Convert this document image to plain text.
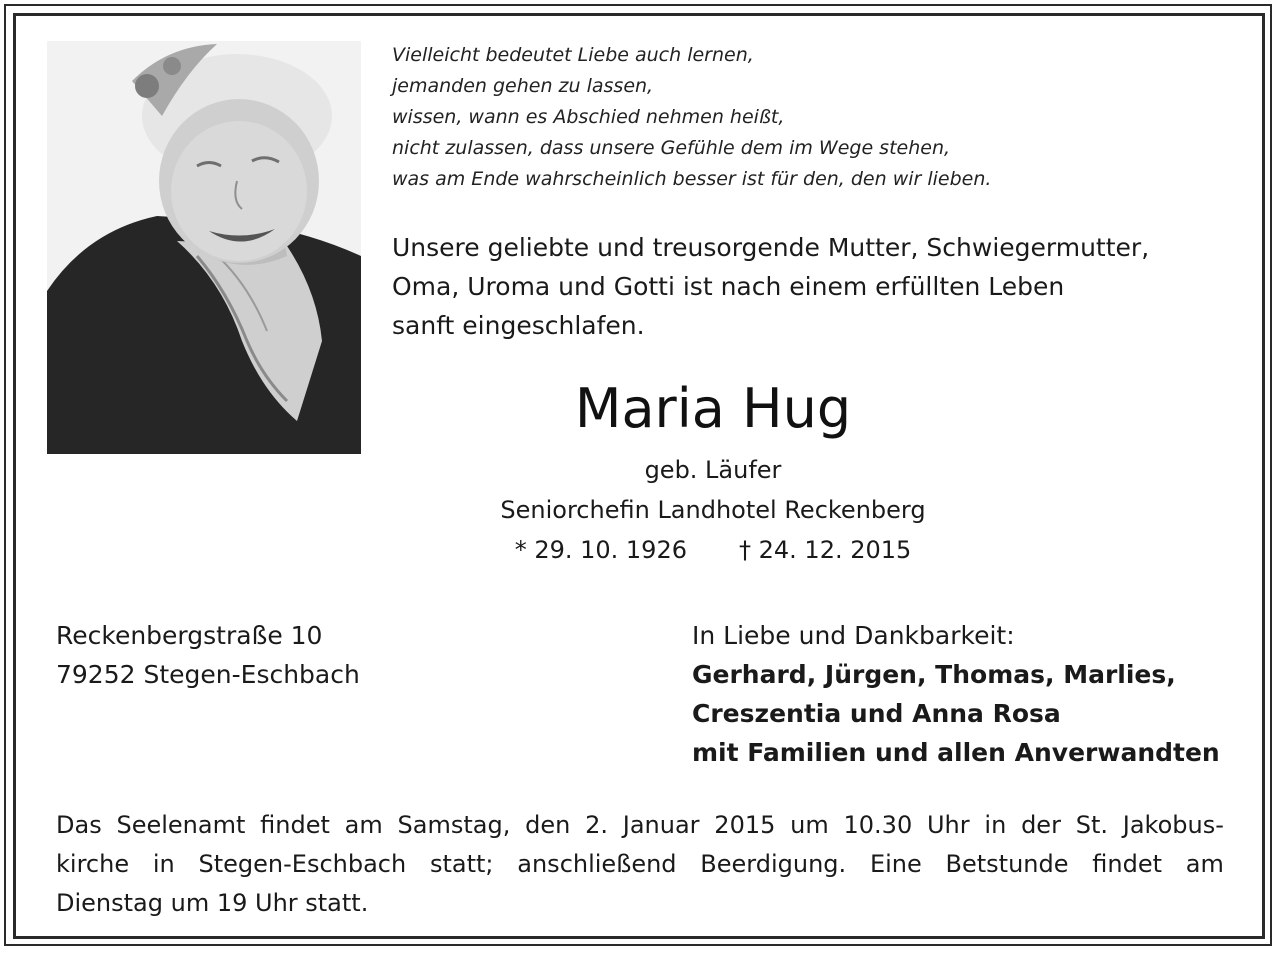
Vielleicht bedeutet Liebe auch lernen,
jemanden gehen zu lassen,
wissen, wann es Abschied nehmen heißt,
nicht zulassen, dass unsere Gefühle dem im Wege stehen,
was am Ende wahrscheinlich besser ist für den, den wir lieben.
Unsere geliebte und treusorgende Mutter, Schwiegermutter,
Oma, Uroma und Gotti ist nach einem erfüllten Leben
sanft eingeschlafen.
Maria Hug
geb. Läufer
Seniorchefin Landhotel Reckenberg
* 29. 10. 1926 † 24. 12. 2015
Reckenbergstraße 10
79252 Stegen-Eschbach
In Liebe und Dankbarkeit:
Gerhard, Jürgen, Thomas, Marlies,
Creszentia und Anna Rosa
mit Familien und allen Anverwandten
Das Seelenamt findet am Samstag, den 2. Januar 2015 um 10.30 Uhr in der St. Jakobus-
kirche in Stegen-Eschbach statt; anschließend Beerdigung. Eine Betstunde findet am
Dienstag um 19 Uhr statt.
